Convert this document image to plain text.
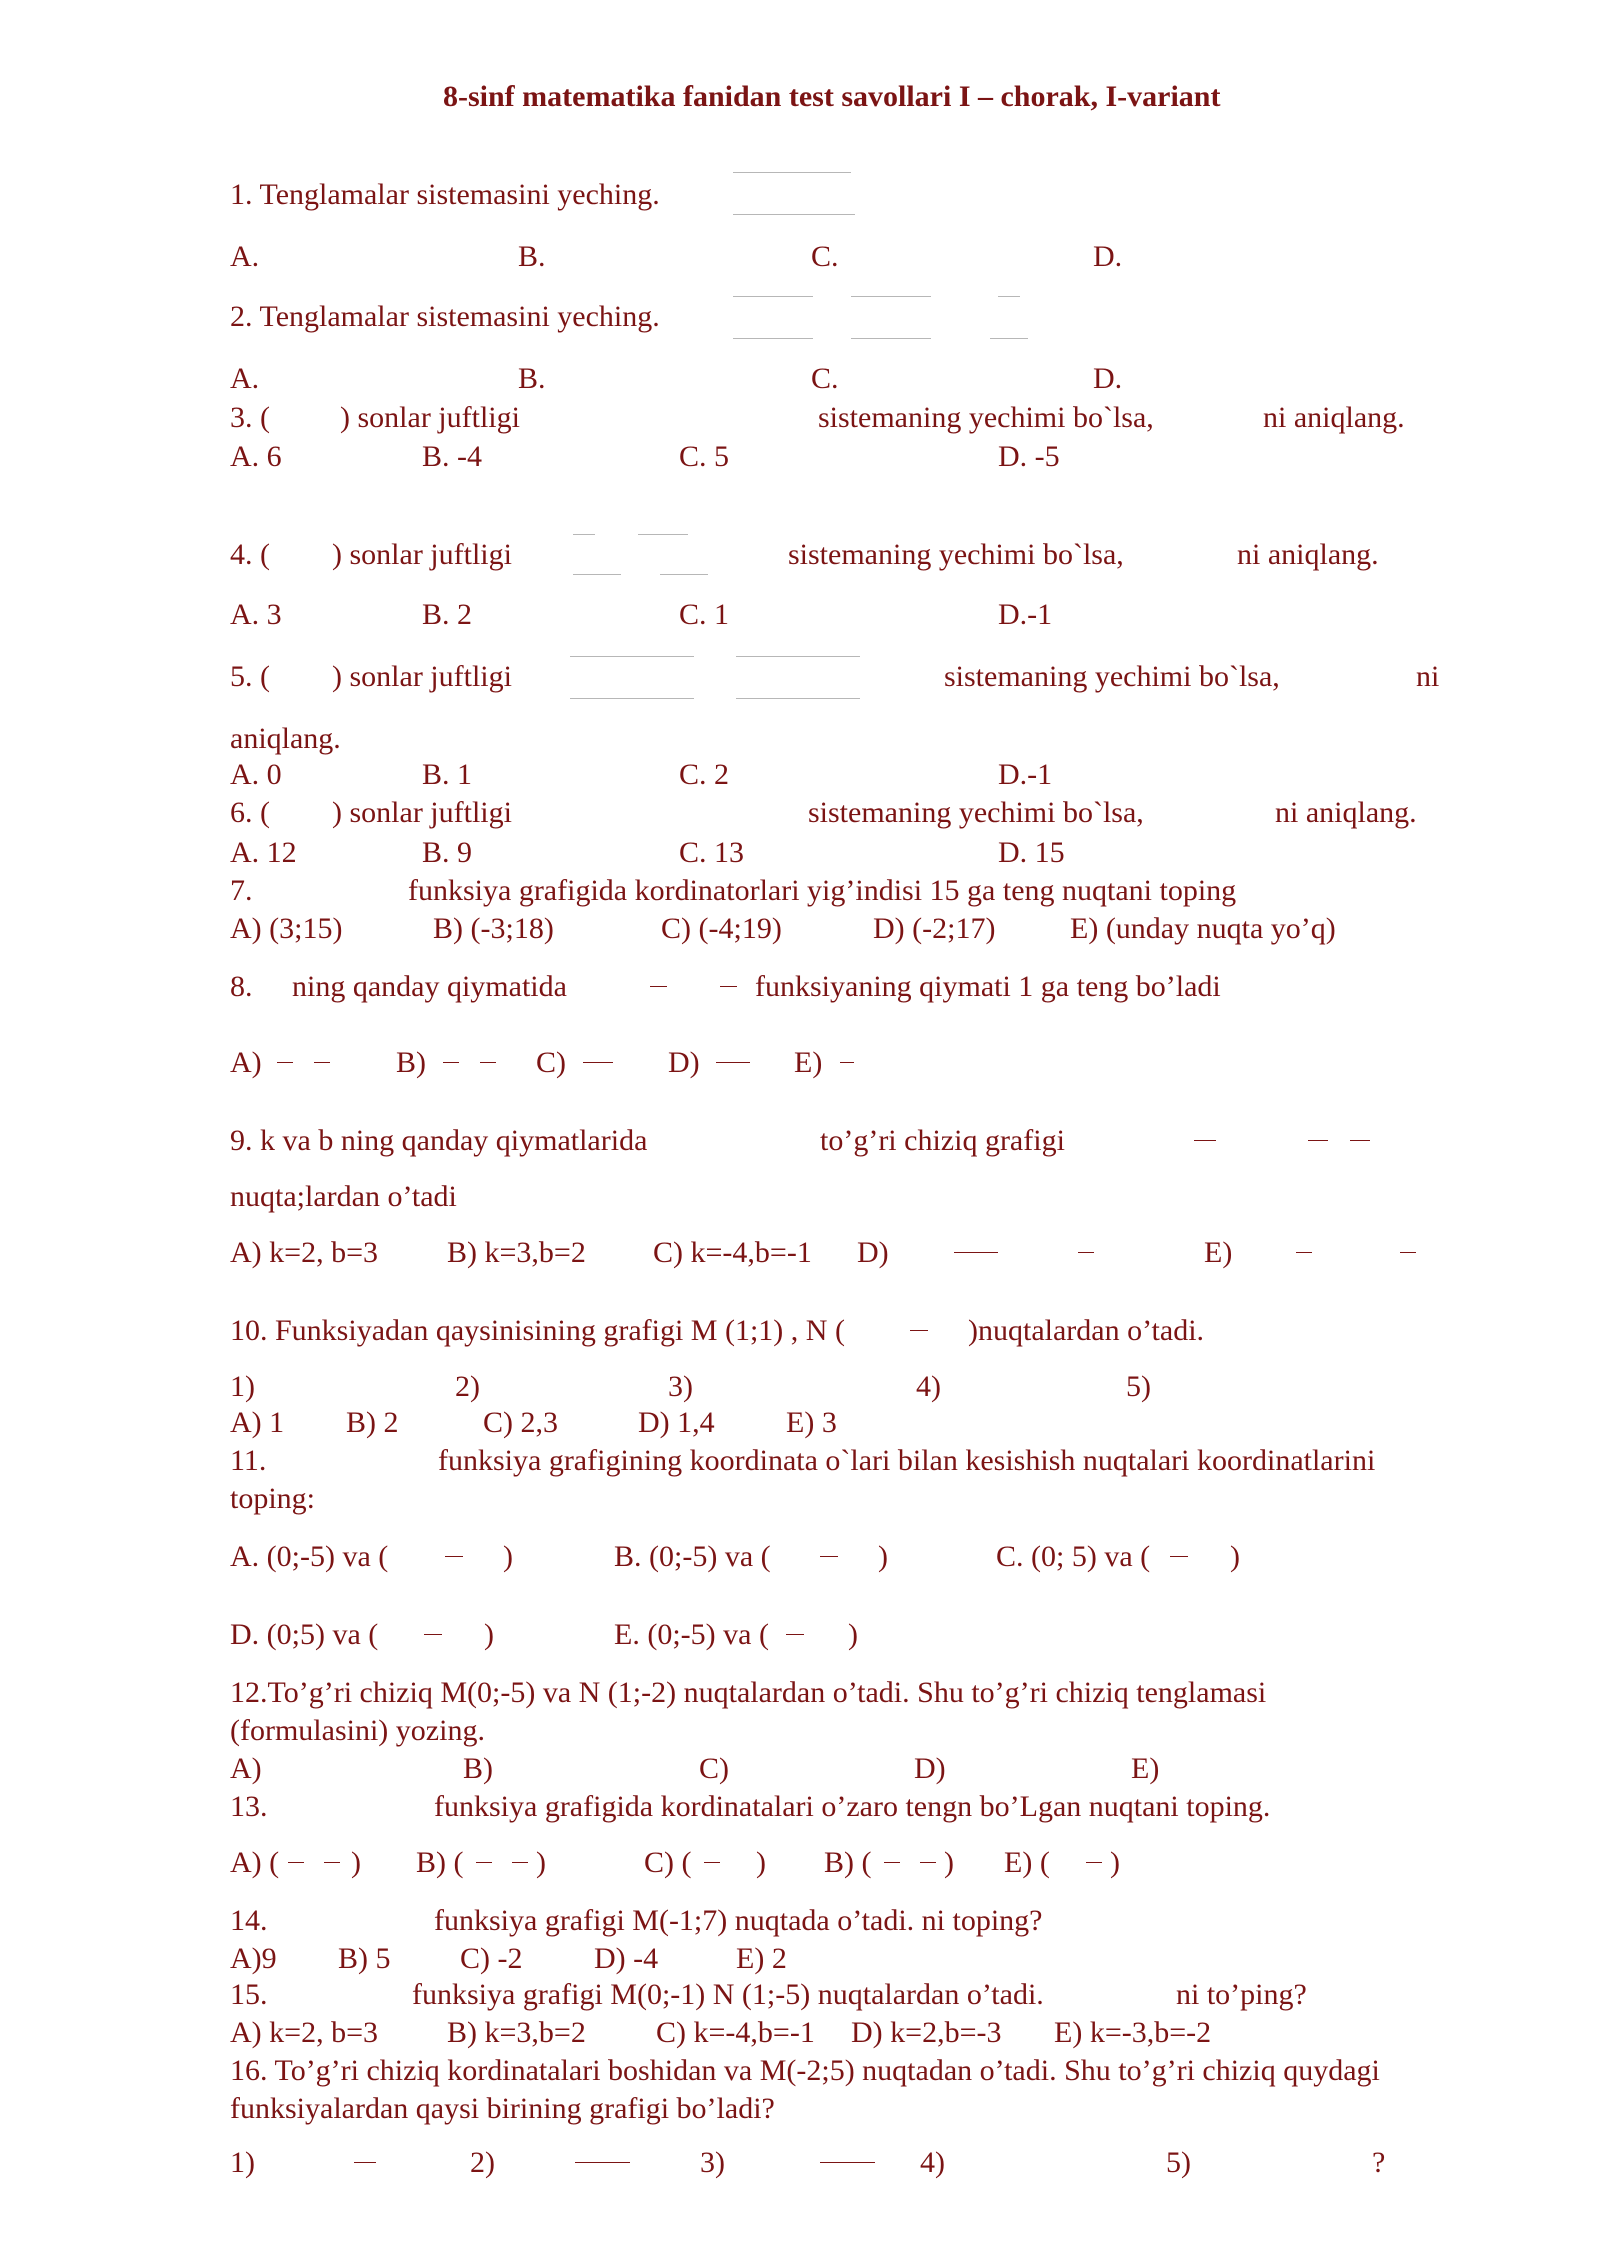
8-sinf matematika fanidan test savollari I – chorak, I-variant
1. Tenglamalar sistemasini yeching.
A.	B.	C.	D.
2. Tenglamalar sistemasini yeching.
A.	B.	C.	D.
3. ( ) sonlar juftligi	sistemaning yechimi bo`lsa,	ni aniqlang.
A. 6	B. -4	C. 5	D. -5
4. ( ) sonlar juftligi	sistemaning yechimi bo`lsa,	ni aniqlang.
A. 3	B. 2	C. 1	D.-1
5. ( ) sonlar juftligi	sistemaning yechimi bo`lsa,	ni
aniqlang.
A. 0	B. 1	C. 2	D.-1
6. ( ) sonlar juftligi	sistemaning yechimi bo`lsa,	ni aniqlang.
A. 12	B. 9	C. 13	D. 15
7.	funksiya grafigida kordinatorlari yig’indisi 15 ga teng nuqtani toping
A) (3;15)	B) (-3;18)	C) (-4;19)	D) (-2;17) E) (unday nuqta yo’q)
8. ning qanday qiymatida	funksiyaning qiymati 1 ga teng bo’ladi
A)	B)	C)	D)	E)
9. k va b ning qanday qiymatlarida	to’g’ri chiziq grafigi
nuqta;lardan o’tadi
A) k=2, b=3 B) k=3,b=2 C) k=-4,b=-1 D)	E)
10. Funksiyadan qaysinisining grafigi M (1;1) , N (	)nuqtalardan o’tadi.
1)	2)	3)	4)	5)
A) 1 B) 2	C) 2,3	D) 1,4 E) 3
11.	funksiya grafigining koordinata o`lari bilan kesishish nuqtalari koordinatlarini
toping:
A. (0;-5) va (	)	B. (0;-5) va (	)	C. (0; 5) va (	)
D. (0;5) va (	)	E. (0;-5) va (	)
12.To’g’ri chiziq M(0;-5) va N (1;-2) nuqtalardan o’tadi. Shu to’g’ri chiziq tenglamasi
(formulasini) yozing.
A)	B)	C)	D)	E)
13.	funksiya grafigida kordinatalari o’zaro tengn bo’Lgan nuqtani toping.
A) ( ) B) ( )	C) ( ) B) ( ) E) ( )
14.	funksiya grafigi M(-1;7) nuqtada o’tadi. ni toping?
A)9 B) 5 C) -2 D) -4	E) 2
15.	funksiya grafigi M(0;-1) N (1;-5) nuqtalardan o’tadi.	ni to’ping?
A) k=2, b=3 B) k=3,b=2 C) k=-4,b=-1 D) k=2,b=-3 E) k=-3,b=-2
16. To’g’ri chiziq kordinatalari boshidan va M(-2;5) nuqtadan o’tadi. Shu to’g’ri chiziq quydagi
funksiyalardan qaysi birining grafigi bo’ladi?
1)	2)	3)	4)	5)	?
